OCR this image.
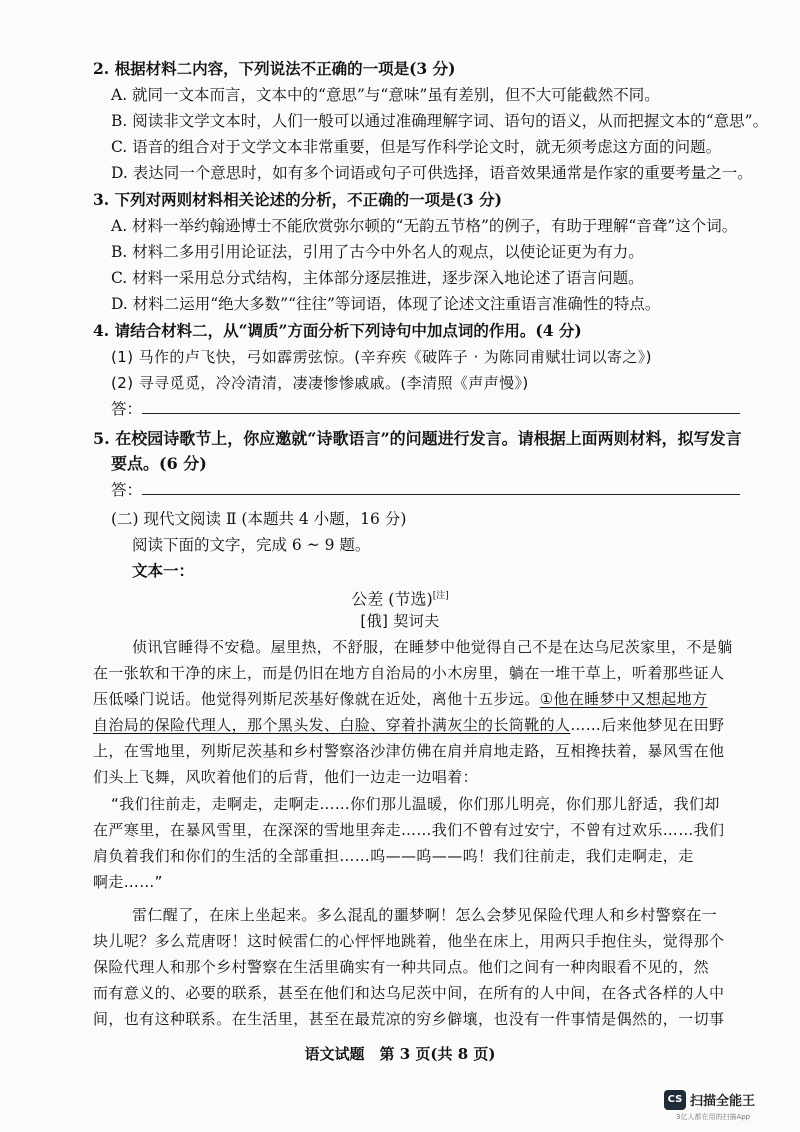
2. 根据材料二内容，下列说法不正确的一项是(3 分)
A. 就同一文本而言，文本中的“意思”与“意味”虽有差别，但不大可能截然不同。
B. 阅读非文学文本时，人们一般可以通过准确理解字词、语句的语义，从而把握文本的“意思”。
C. 语音的组合对于文学文本非常重要，但是写作科学论文时，就无须考虑这方面的问题。
D. 表达同一个意思时，如有多个词语或句子可供选择，语音效果通常是作家的重要考量之一。
3. 下列对两则材料相关论述的分析，不正确的一项是(3 分)
A. 材料一举约翰逊博士不能欣赏弥尔顿的“无韵五节格”的例子，有助于理解“音聋”这个词。
B. 材料二多用引用论证法，引用了古今中外名人的观点，以使论证更为有力。
C. 材料一采用总分式结构，主体部分逐层推进，逐步深入地论述了语言问题。
D. 材料二运用“绝大多数”“往往”等词语，体现了论述文注重语言准确性的特点。
4. 请结合材料二，从“调质”方面分析下列诗句中加点词的作用。(4 分)
(1) 马作的卢飞快，弓如霹雳弦惊。(辛弃疾《破阵子 · 为陈同甫赋壮词以寄之》)
(2) 寻寻觅觅，冷冷清清，凄凄惨惨戚戚。(李清照《声声慢》)
答：
5. 在校园诗歌节上，你应邀就“诗歌语言”的问题进行发言。请根据上面两则材料，拟写发言
要点。(6 分)
答：
(二) 现代文阅读 Ⅱ (本题共 4 小题，16 分)
阅读下面的文字，完成 6 ~ 9 题。
文本一：
公差 (节选)[注]
[俄] 契诃夫
侦讯官睡得不安稳。屋里热，不舒服，在睡梦中他觉得自己不是在达乌尼茨家里，不是躺
在一张软和干净的床上，而是仍旧在地方自治局的小木房里，躺在一堆干草上，听着那些证人
压低嗓门说话。他觉得列斯尼茨基好像就在近处，离他十五步远。①他在睡梦中又想起地方
自治局的保险代理人，那个黑头发、白脸、穿着扑满灰尘的长筒靴的人……后来他梦见在田野
上，在雪地里，列斯尼茨基和乡村警察洛沙津仿佛在肩并肩地走路，互相搀扶着，暴风雪在他
们头上飞舞，风吹着他们的后背，他们一边走一边唱着：
“我们往前走，走啊走，走啊走……你们那儿温暖，你们那儿明亮，你们那儿舒适，我们却
在严寒里，在暴风雪里，在深深的雪地里奔走……我们不曾有过安宁，不曾有过欢乐……我们
肩负着我们和你们的生活的全部重担……呜——呜——呜！我们往前走，我们走啊走，走
啊走……”
雷仁醒了，在床上坐起来。多么混乱的噩梦啊！怎么会梦见保险代理人和乡村警察在一
块儿呢？多么荒唐呀！这时候雷仁的心怦怦地跳着，他坐在床上，用两只手抱住头，觉得那个
保险代理人和那个乡村警察在生活里确实有一种共同点。他们之间有一种肉眼看不见的，然
而有意义的、必要的联系，甚至在他们和达乌尼茨中间，在所有的人中间，在各式各样的人中
间，也有这种联系。在生活里，甚至在最荒凉的穷乡僻壤，也没有一件事情是偶然的，一切事
语文试题　第 3 页(共 8 页)
CS 扫描全能王
3亿人都在用的扫描App
